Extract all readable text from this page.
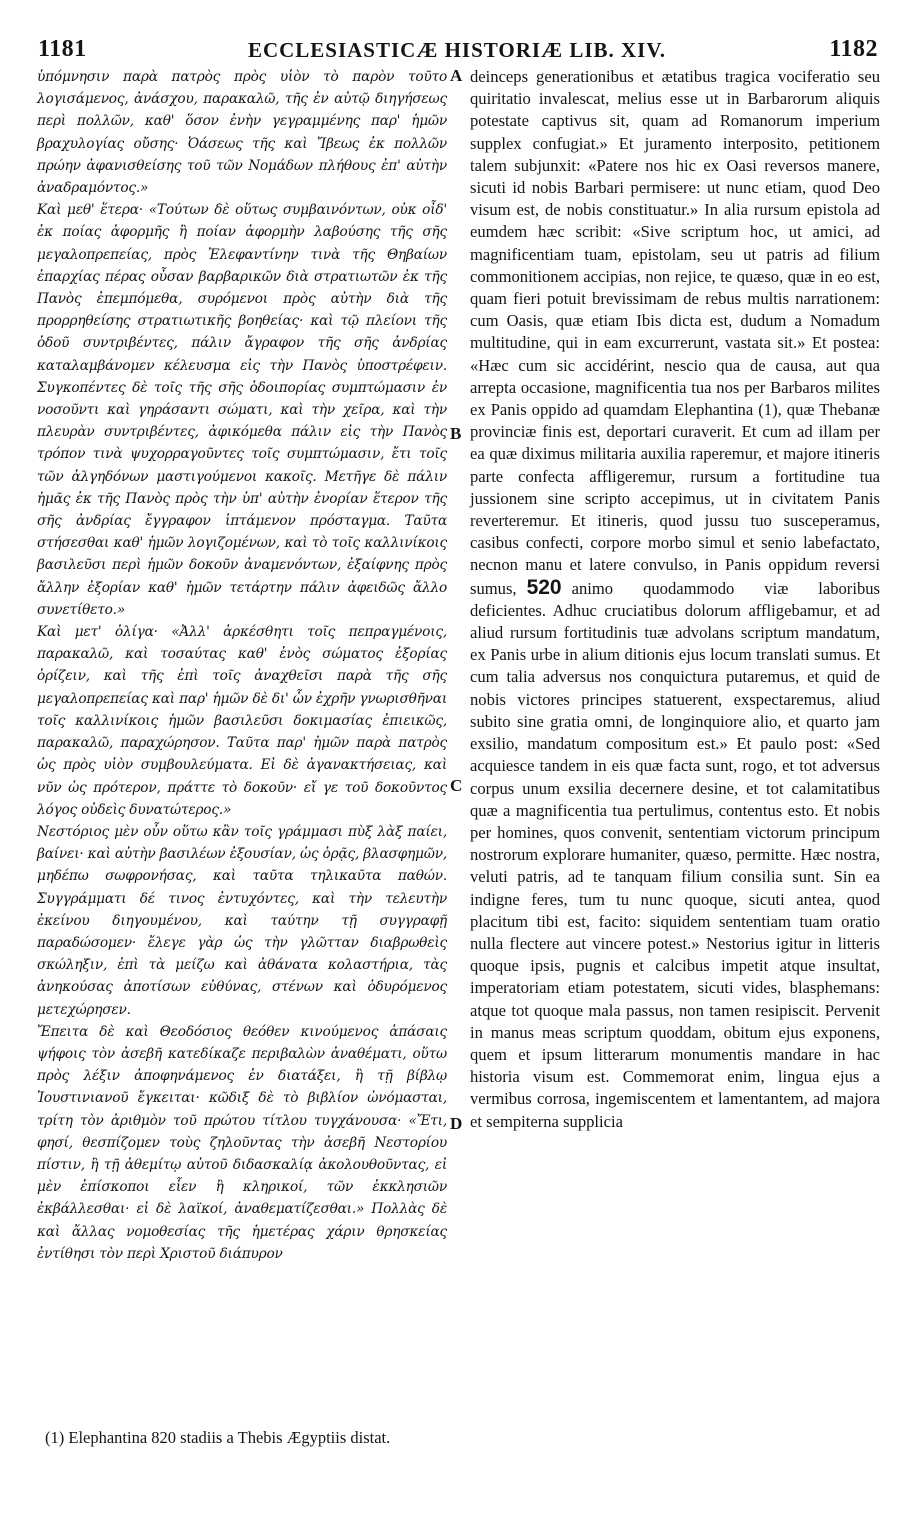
1181	ECCLESIASTICÆ HISTORIÆ LIB. XIV.	1182

ὑπόμνησιν παρὰ πατρὸς πρὸς υἱὸν τὸ παρὸν τοῦτο λογισάμενος, ἀνάσχου, παρακαλῶ, τῆς ἐν αὐτῷ διηγήσεως περὶ πολλῶν, καθ' ὅσον ἐνὴν γεγραμμένης παρ' ἡμῶν βραχυλογίας οὔσης· Ὀάσεως τῆς καὶ Ἴβεως ἐκ πολλῶν πρώην ἀφανισθείσης τοῦ τῶν Νομάδων πλήθους ἐπ' αὐτὴν ἀναδραμόντος.»

Καὶ μεθ' ἕτερα· «Τούτων δὲ οὕτως συμβαινόντων, οὐκ οἶδ' ἐκ ποίας ἀφορμῆς ἢ ποίαν ἀφορμὴν λαβούσης τῆς σῆς μεγαλοπρεπείας, πρὸς Ἐλεφαντίνην τινὰ τῆς Θηβαίων ἐπαρχίας πέρας οὖσαν βαρβαρικῶν διὰ στρατιωτῶν ἐκ τῆς Πανὸς ἐπεμπόμεθα, συρόμενοι πρὸς αὐτὴν διὰ τῆς προρρηθείσης στρατιωτικῆς βοηθείας· καὶ τῷ πλείονι τῆς ὁδοῦ συντριβέντες, πάλιν ἄγραφον τῆς σῆς ἀνδρίας καταλαμβάνομεν κέλευσμα εἰς τὴν Πανὸς ὑποστρέφειν. Συγκοπέντες δὲ τοῖς τῆς σῆς ὁδοιπορίας συμπτώμασιν ἐν νοσοῦντι καὶ γηράσαντι σώματι, καὶ τὴν χεῖρα, καὶ τὴν πλευρὰν συντριβέντες, ἀφικόμεθα πάλιν εἰς τὴν Πανὸς τρόπον τινὰ ψυχορραγοῦντες τοῖς συμπτώμασιν, ἔτι τοῖς τῶν ἀλγηδόνων μαστιγούμενοι κακοῖς. Μετῆγε δὲ πάλιν ἡμᾶς ἐκ τῆς Πανὸς πρὸς τὴν ὑπ' αὐτὴν ἐνορίαν ἕτερον τῆς σῆς ἀνδρίας ἔγγραφον ἱπτάμενον πρόσταγμα. Ταῦτα στήσεσθαι καθ' ἡμῶν λογιζομένων, καὶ τὸ τοῖς καλλινίκοις βασιλεῦσι περὶ ἡμῶν δοκοῦν ἀναμενόντων, ἐξαίφνης πρὸς ἄλλην ἐξορίαν καθ' ἡμῶν τετάρτην πάλιν ἀφειδῶς ἄλλο συνετίθετο.»

Καὶ μετ' ὀλίγα· «Ἀλλ' ἀρκέσθητι τοῖς πεπραγμένοις, παρακαλῶ, καὶ τοσαύτας καθ' ἑνὸς σώματος ἐξορίας ὁρίζειν, καὶ τῆς ἐπὶ τοῖς ἀναχθεῖσι παρὰ τῆς σῆς μεγαλοπρεπείας καὶ παρ' ἡμῶν δὲ δι' ὧν ἐχρῆν γνωρισθῆναι τοῖς καλλινίκοις ἡμῶν βασιλεῦσι δοκιμασίας ἐπιεικῶς, παρακαλῶ, παραχώρησον. Ταῦτα παρ' ἡμῶν παρὰ πατρὸς ὡς πρὸς υἱὸν συμβουλεύματα. Εἰ δὲ ἀγανακτήσειας, καὶ νῦν ὡς πρότερον, πράττε τὸ δοκοῦν· εἴ γε τοῦ δοκοῦντος λόγος οὐδεὶς δυνατώτερος.»

Νεστόριος μὲν οὖν οὕτω κἂν τοῖς γράμμασι πὺξ λὰξ παίει, βαίνει· καὶ αὐτὴν βασιλέων ἐξουσίαν, ὡς ὁρᾷς, βλασφημῶν, μηδέπω σωφρονήσας, καὶ ταῦτα τηλικαῦτα παθών. Συγγράμματι δέ τινος ἐντυχόντες, καὶ τὴν τελευτὴν ἐκείνου διηγουμένου, καὶ ταύτην τῇ συγγραφῇ παραδώσομεν· ἔλεγε γὰρ ὡς τὴν γλῶτταν διαβρωθεὶς σκώληξιν, ἐπὶ τὰ μείζω καὶ ἀθάνατα κολαστήρια, τὰς ἀνηκούσας ἀποτίσων εὐθύνας, στένων καὶ ὀδυρόμενος μετεχώρησεν.

Ἔπειτα δὲ καὶ Θεοδόσιος θεόθεν κινούμενος ἁπάσαις ψήφοις τὸν ἀσεβῆ κατεδίκαζε περιβαλὼν ἀναθέματι, οὕτω πρὸς λέξιν ἀποφηνάμενος ἐν διατάξει, ἢ τῇ βίβλῳ Ἰουστινιανοῦ ἔγκειται· κῶδιξ δὲ τὸ βιβλίον ὠνόμασται, τρίτη τὸν ἀριθμὸν τοῦ πρώτου τίτλου τυγχάνουσα· «Ἔτι, φησί, θεσπίζομεν τοὺς ζηλοῦντας τὴν ἀσεβῆ Νεστορίου πίστιν, ἢ τῇ ἀθεμίτῳ αὐτοῦ διδασκαλίᾳ ἀκολουθοῦντας, εἰ μὲν ἐπίσκοποι εἶεν ἢ κληρικοί, τῶν ἐκκλησιῶν ἐκβάλλεσθαι· εἰ δὲ λαϊκοί, ἀναθεματίζεσθαι.» Πολλὰς δὲ καὶ ἄλλας νομοθεσίας τῆς ἡμετέρας χάριν θρησκείας ἐντίθησι τὸν περὶ Χριστοῦ διάπυρον

A
B
C
D

deinceps generationibus et ætatibus tragica vociferatio seu quiritatio invalescat, melius esse ut in Barbarorum aliquis potestate captivus sit, quam ad Romanorum imperium supplex confugiat.» Et juramento interposito, petitionem talem subjunxit: «Patere nos hic ex Oasi reversos manere, sicuti id nobis Barbari permisere: ut nunc etiam, quod Deo visum est, de nobis constituatur.» In alia rursum epistola ad eumdem hæc scribit: «Sive scriptum hoc, ut amici, ad magnificentiam tuam, epistolam, seu ut patris ad filium commonitionem accipias, non rejice, te quæso, quæ in eo est, quam fieri potuit brevissimam de rebus multis narrationem: cum Oasis, quæ etiam Ibis dicta est, dudum a Nomadum multitudine, qui in eam excurrerunt, vastata sit.» Et postea: «Hæc cum sic accidérint, nescio qua de causa, aut qua arrepta occasione, magnificentia tua nos per Barbaros milites ex Panis oppido ad quamdam Elephantina (1), quæ Thebanæ provinciæ finis est, deportari curaverit. Et cum ad illam per ea quæ diximus militaria auxilia raperemur, et majore itineris parte confecta affligeremur, rursum a fortitudine tua jussionem sine scripto accepimus, ut in civitatem Panis reverteremur. Et itineris, quod jussu tuo susceperamus, casibus confecti, corpore morbo simul et senio labefactato, necnon manu et latere convulso, in Panis oppidum reversi sumus, 520 animo quodammodo viæ laboribus deficientes. Adhuc cruciatibus dolorum affligebamur, et ad aliud rursum fortitudinis tuæ advolans scriptum mandatum, ex Panis urbe in alium ditionis ejus locum translati sumus. Et cum talia adversus nos conquictura putaremus, et quid de nobis victores principes statuerent, exspectaremus, aliud subito sine gratia omni, de longinquiore alio, et quarto jam exsilio, mandatum compositum est.» Et paulo post: «Sed acquiesce tandem in eis quæ facta sunt, rogo, et tot adversus corpus unum exsilia decernere desine, et tot calamitatibus quæ a magnificentia tua pertulimus, contentus esto. Et nobis per homines, quos convenit, sententiam victorum principum nostrorum explorare humaniter, quæso, permitte. Hæc nostra, veluti patris, ad te tanquam filium consilia sunt. Sin ea indigne feres, tum tu nunc quoque, sicuti antea, quod placitum tibi est, facito: siquidem sententiam tuam oratio nulla flectere aut vincere potest.» Nestorius igitur in litteris quoque ipsis, pugnis et calcibus impetit atque insultat, imperatoriam etiam potestatem, sicuti vides, blasphemans: atque tot quoque mala passus, non tamen resipiscit. Pervenit in manus meas scriptum quoddam, obitum ejus exponens, quem et ipsum litterarum monumentis mandare in hac historia visum est. Commemorat enim, lingua ejus a vermibus corrosa, ingemiscentem et lamentantem, ad majora et sempiterna supplicia

(1) Elephantina 820 stadiis a Thebis Ægyptiis distat.
